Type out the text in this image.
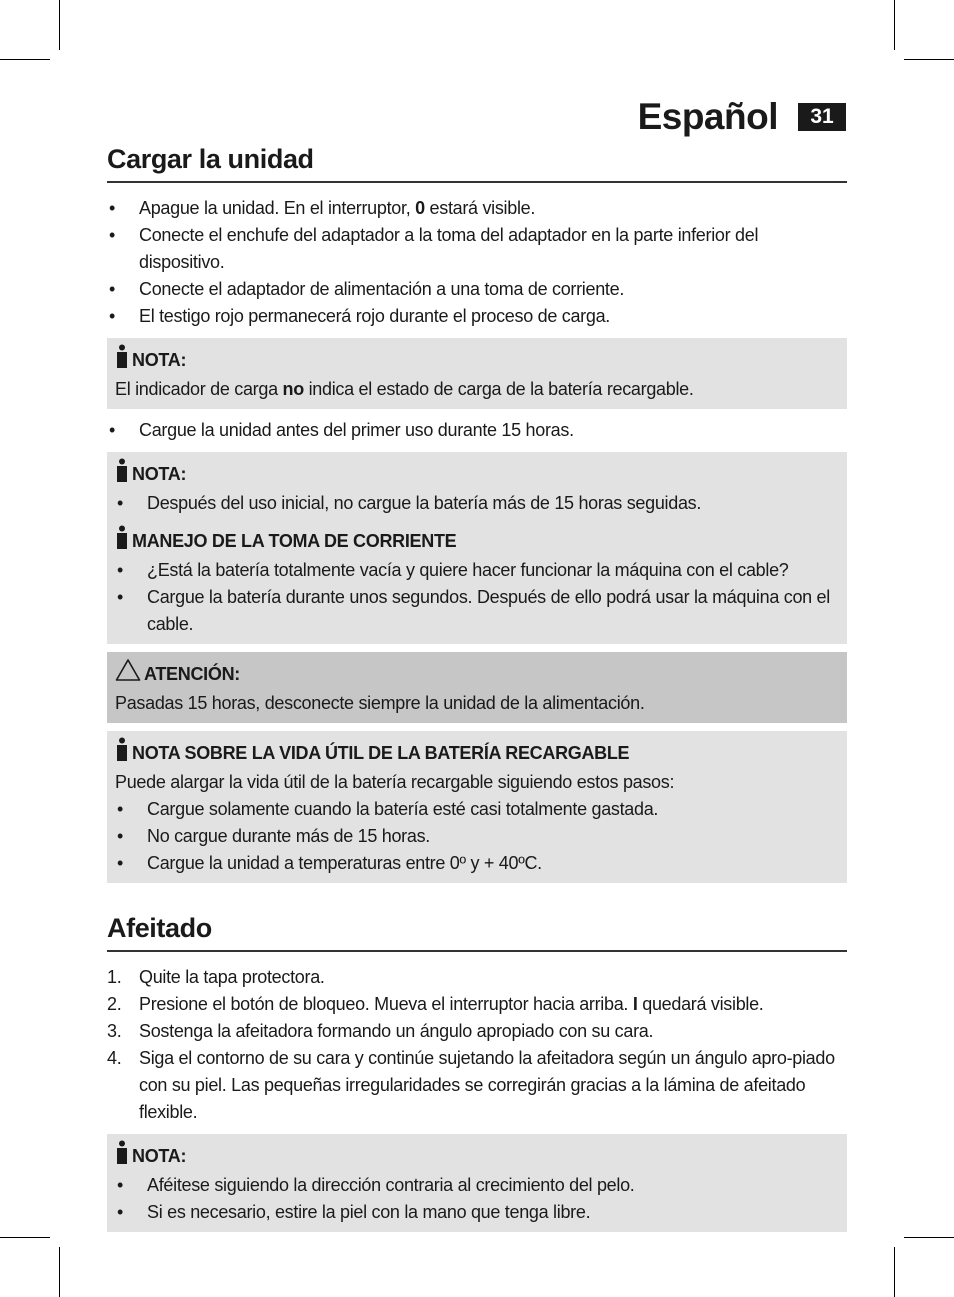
Español	31
Cargar la unidad
• Apague la unidad. En el interruptor, 0 estará visible.
• Conecte el enchufe del adaptador a la toma del adaptador en la parte inferior del dispositivo.
• Conecte el adaptador de alimentación a una toma de corriente.
• El testigo rojo permanecerá rojo durante el proceso de carga.
NOTA:

El indicador de carga no indica el estado de carga de la batería recargable.

• Cargue la unidad antes del primer uso durante 15 horas.
NOTA:
• Después del uso inicial, no cargue la batería más de 15 horas seguidas.
MANEJO DE LA TOMA DE CORRIENTE
• ¿Está la batería totalmente vacía y quiere hacer funcionar la máquina con el cable?
• Cargue la batería durante unos segundos. Después de ello podrá usar la máquina con el cable.
ATENCIÓN:

Pasadas 15 horas, desconecte siempre la unidad de la alimentación.

NOTA SOBRE LA VIDA ÚTIL DE LA BATERÍA RECARGABLE

Puede alargar la vida útil de la batería recargable siguiendo estos pasos:

• Cargue solamente cuando la batería esté casi totalmente gastada.
• No cargue durante más de 15 horas.
• Cargue la unidad a temperaturas entre 0º y + 40ºC.
Afeitado
1. Quite la tapa protectora.
2. Presione el botón de bloqueo. Mueva el interruptor hacia arriba. I quedará visible.
3. Sostenga la afeitadora formando un ángulo apropiado con su cara.
4. Siga el contorno de su cara y continúe sujetando la afeitadora según un ángulo apro-piado con su piel. Las pequeñas irregularidades se corregirán gracias a la lámina de afeitado flexible.
NOTA:
• Aféitese siguiendo la dirección contraria al crecimiento del pelo.
• Si es necesario, estire la piel con la mano que tenga libre.
